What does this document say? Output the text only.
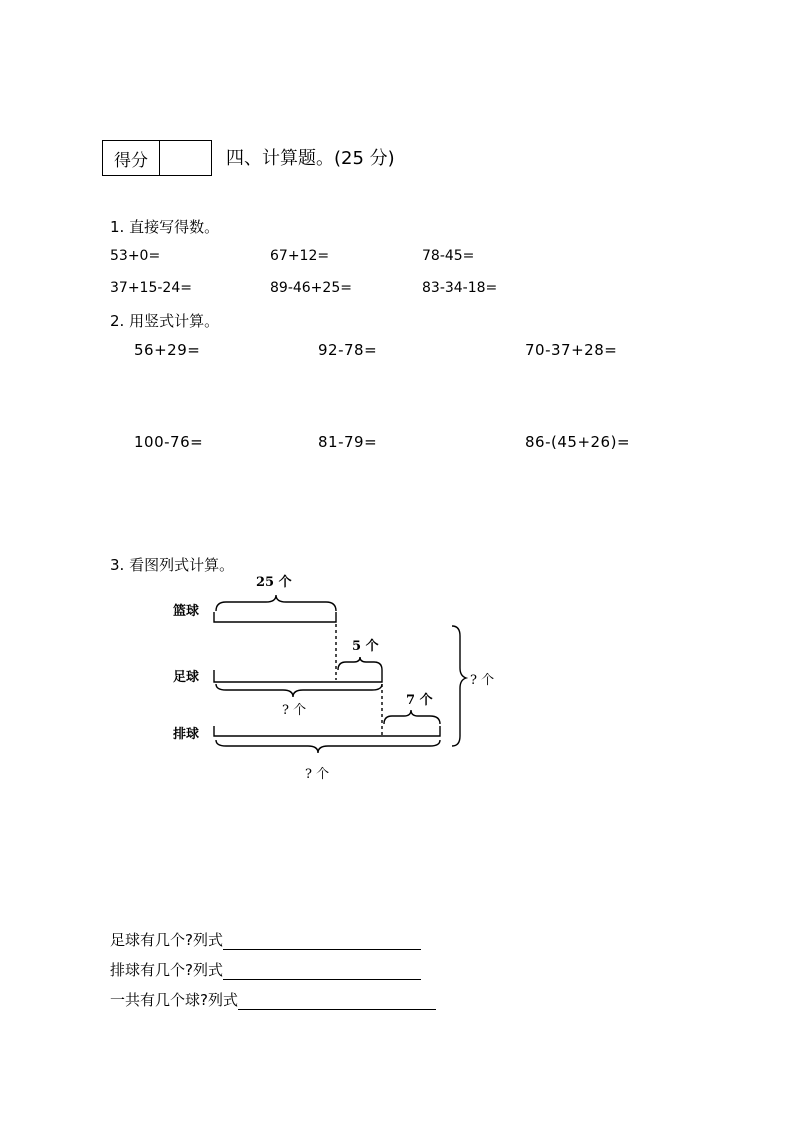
得分	四、计算题。(25 分)
1. 直接写得数。
53+0=	67+12=	78-45=
37+15-24=	89-46+25=	83-34-18=
2. 用竖式计算。
56+29=	92-78=	70-37+28=
100-76=	81-79=	86-(45+26)=
3. 看图列式计算。
25 个
篮球
5 个
足球
? 个
7 个
排球
? 个
? 个
足球有几个?列式
排球有几个?列式
一共有几个球?列式
